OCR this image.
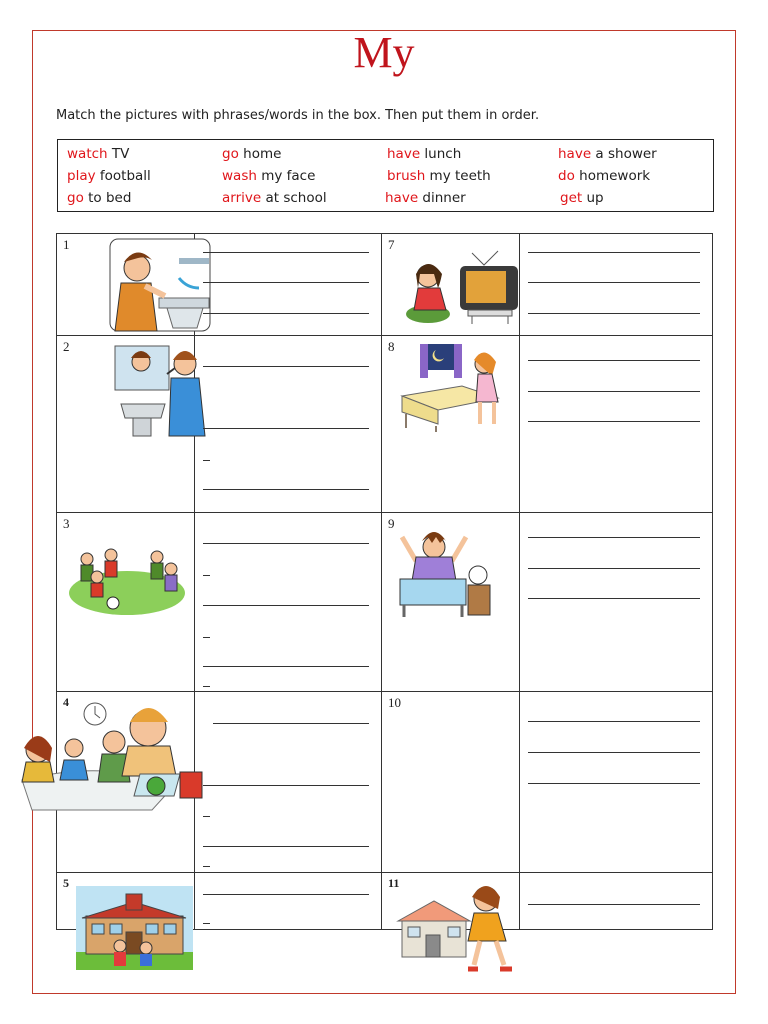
My
Match the pictures with phrases/words in the box. Then put them in order.
watch TV	go home	have lunch	have a shower
play football	wash my face	brush my teeth	do homework
go to bed	arrive at school	have dinner	get up
1		7	

2		8	

3		9	

4		10	

5		11	
